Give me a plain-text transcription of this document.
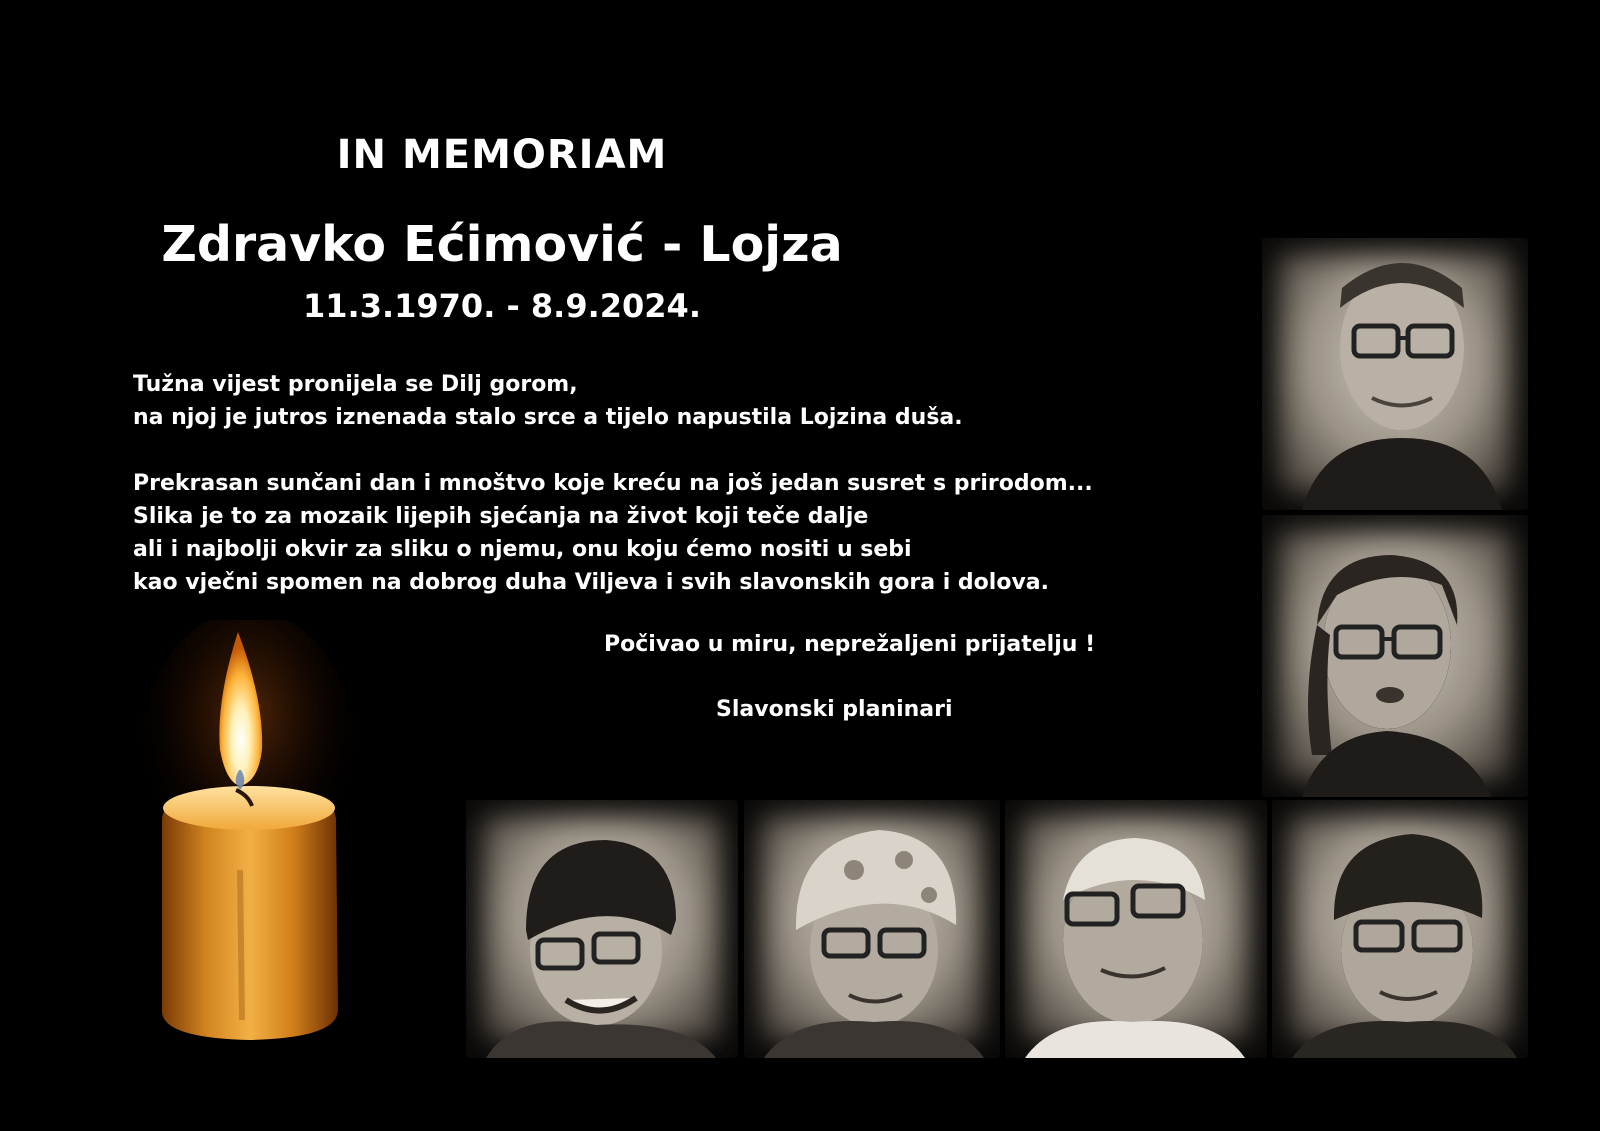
IN MEMORIAM
Zdravko Ećimović - Lojza
11.3.1970. - 8.9.2024.
Tužna vijest pronijela se Dilj gorom,
na njoj je jutros iznenada stalo srce a tijelo napustila Lojzina duša.
Prekrasan sunčani dan i mnoštvo koje kreću na još jedan susret s prirodom...
Slika je to za mozaik lijepih sjećanja na život koji teče dalje
ali i najbolji okvir za sliku o njemu, onu koju ćemo nositi u sebi
kao vječni spomen na dobrog duha Viljeva i svih slavonskih gora i dolova.
Počivao u miru, neprežaljeni prijatelju !
Slavonski planinari
